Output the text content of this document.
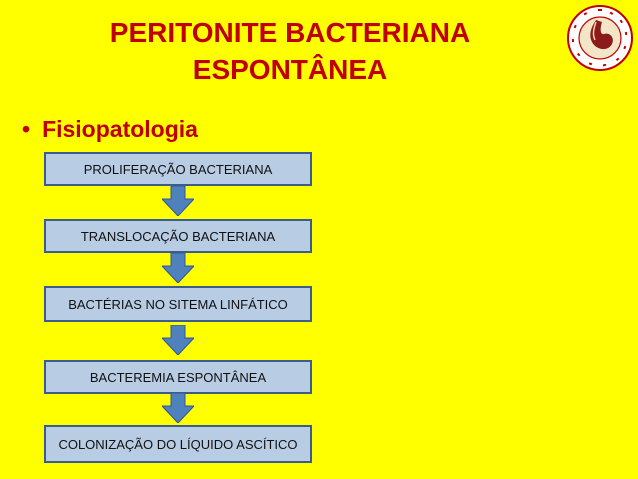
PERITONITE BACTERIANA
ESPONTÂNEA
• Fisiopatologia
PROLIFERAÇÃO BACTERIANA
TRANSLOCAÇÃO BACTERIANA
BACTÉRIAS NO SITEMA LINFÁTICO
BACTEREMIA ESPONTÂNEA
COLONIZAÇÃO DO LÍQUIDO ASCÍTICO
